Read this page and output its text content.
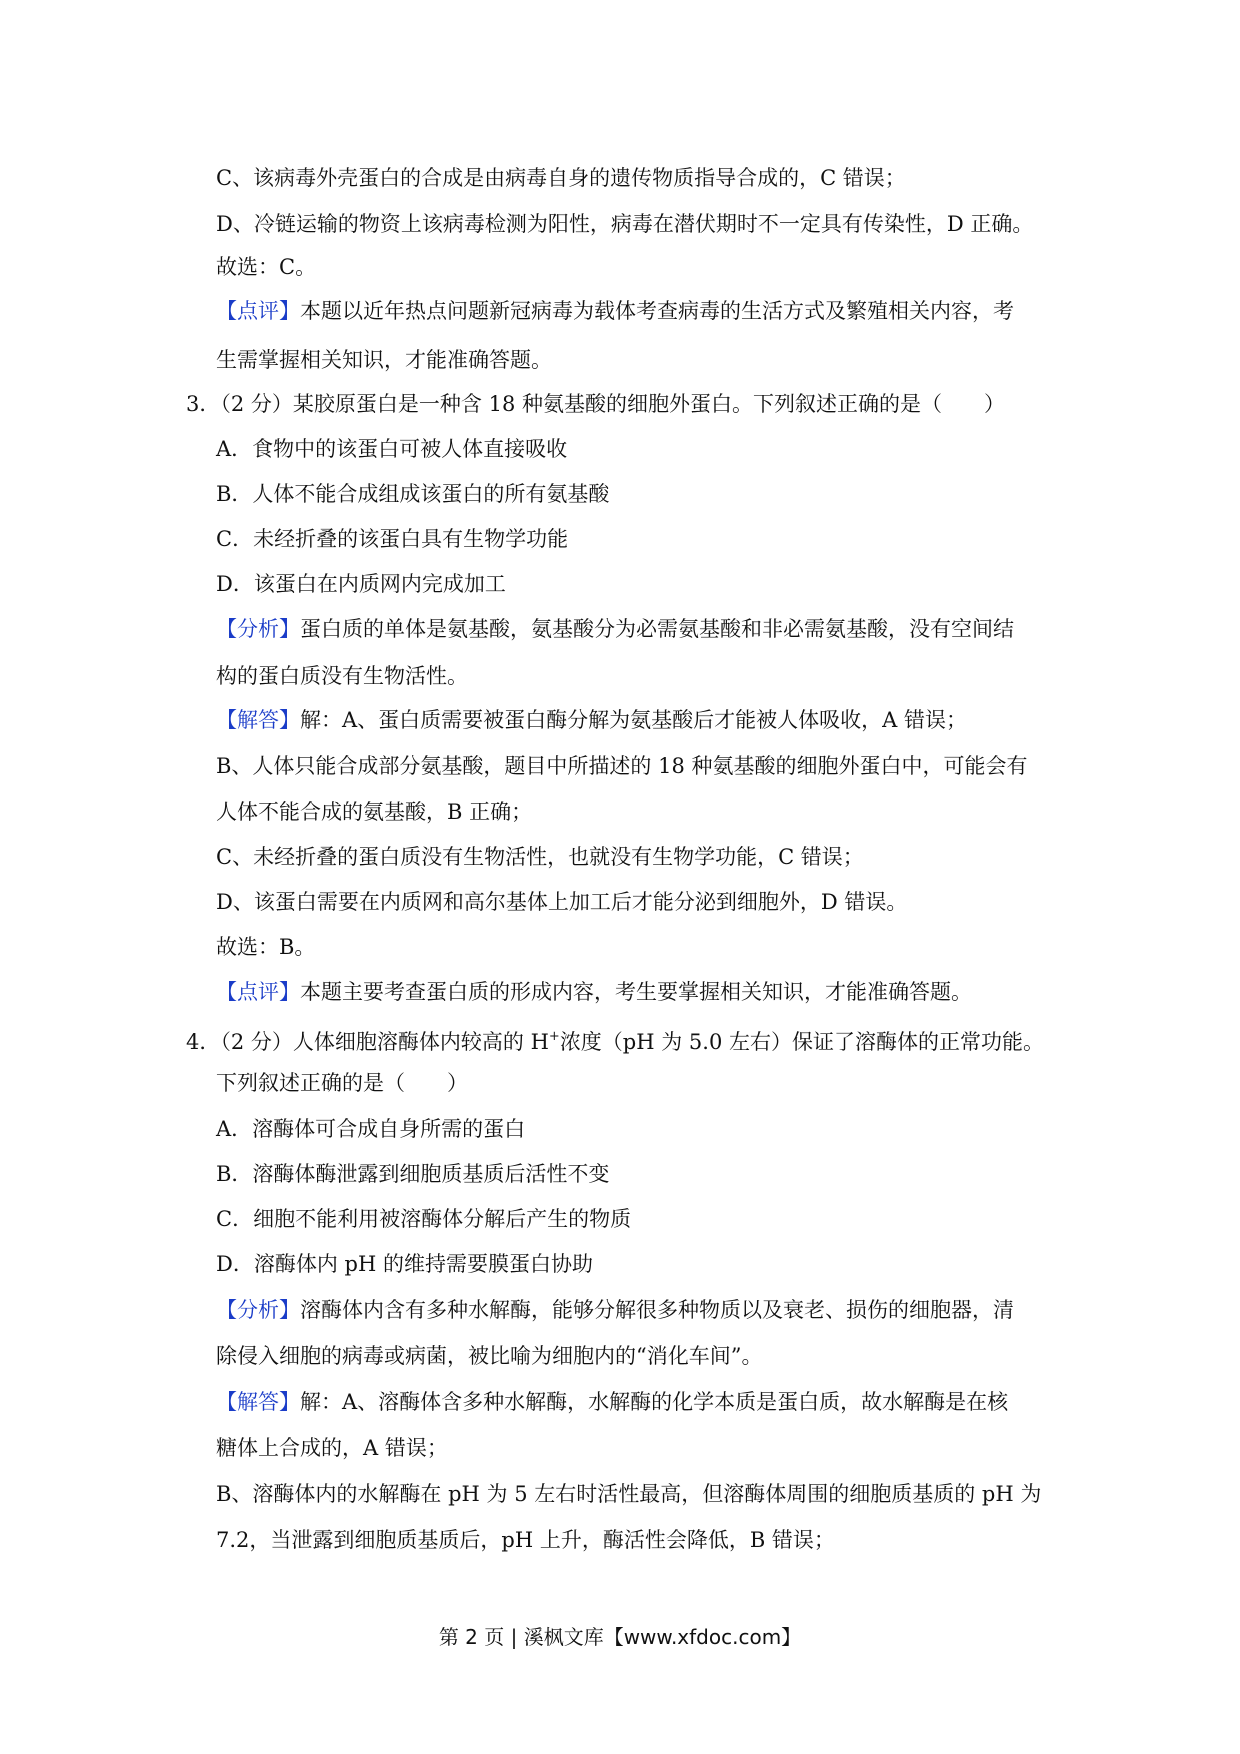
C、该病毒外壳蛋白的合成是由病毒自身的遗传物质指导合成的，C 错误；
D、冷链运输的物资上该病毒检测为阳性，病毒在潜伏期时不一定具有传染性，D 正确。
故选：C。
【点评】本题以近年热点问题新冠病毒为载体考查病毒的生活方式及繁殖相关内容，考
生需掌握相关知识，才能准确答题。
3．（2 分）某胶原蛋白是一种含 18 种氨基酸的细胞外蛋白。下列叙述正确的是（　　）
A．食物中的该蛋白可被人体直接吸收
B．人体不能合成组成该蛋白的所有氨基酸
C．未经折叠的该蛋白具有生物学功能
D．该蛋白在内质网内完成加工
【分析】蛋白质的单体是氨基酸，氨基酸分为必需氨基酸和非必需氨基酸，没有空间结
构的蛋白质没有生物活性。
【解答】解：A、蛋白质需要被蛋白酶分解为氨基酸后才能被人体吸收，A 错误；
B、人体只能合成部分氨基酸，题目中所描述的 18 种氨基酸的细胞外蛋白中，可能会有
人体不能合成的氨基酸，B 正确；
C、未经折叠的蛋白质没有生物活性，也就没有生物学功能，C 错误；
D、该蛋白需要在内质网和高尔基体上加工后才能分泌到细胞外，D 错误。
故选：B。
【点评】本题主要考查蛋白质的形成内容，考生要掌握相关知识，才能准确答题。
4．（2 分）人体细胞溶酶体内较高的 H+浓度（pH 为 5.0 左右）保证了溶酶体的正常功能。
下列叙述正确的是（　　）
A．溶酶体可合成自身所需的蛋白
B．溶酶体酶泄露到细胞质基质后活性不变
C．细胞不能利用被溶酶体分解后产生的物质
D．溶酶体内 pH 的维持需要膜蛋白协助
【分析】溶酶体内含有多种水解酶，能够分解很多种物质以及衰老、损伤的细胞器，清
除侵入细胞的病毒或病菌，被比喻为细胞内的“消化车间”。
【解答】解：A、溶酶体含多种水解酶，水解酶的化学本质是蛋白质，故水解酶是在核
糖体上合成的，A 错误；
B、溶酶体内的水解酶在 pH 为 5 左右时活性最高，但溶酶体周围的细胞质基质的 pH 为
7.2，当泄露到细胞质基质后，pH 上升，酶活性会降低，B 错误；
第 2 页 | 溪枫文库【www.xfdoc.com】
